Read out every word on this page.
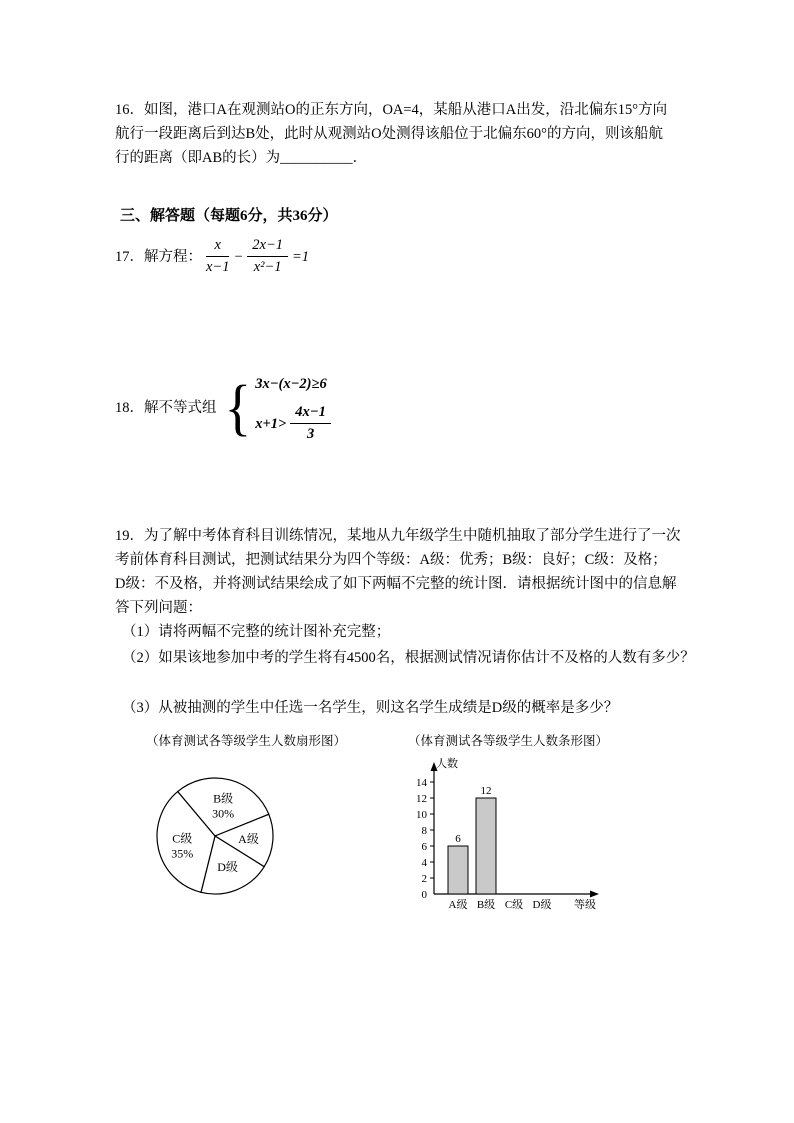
16．如图，港口A在观测站O的正东方向，OA=4，某船从港口A出发，沿北偏东15°方向
航行一段距离后到达B处，此时从观测站O处测得该船位于北偏东60°的方向，则该船航
行的距离（即AB的长）为__________．
三、解答题（每题6分，共36分）
17．解方程： $\frac{x}{x-1} - \frac{2x-1}{\text{x²−1}} =1$
18．解不等式组 { 3x−(x−2)≥6
$x+1> \frac{4x-1}{3}$
19．为了解中考体育科目训练情况，某地从九年级学生中随机抽取了部分学生进行了一次
考前体育科目测试，把测试结果分为四个等级：A级：优秀；B级：良好；C级：及格；
D级：不及格，并将测试结果绘成了如下两幅不完整的统计图．请根据统计图中的信息解
答下列问题：
（1）请将两幅不完整的统计图补充完整；
（2）如果该地参加中考的学生将有4500名，根据测试情况请你估计不及格的人数有多少？
（3）从被抽测的学生中任选一名学生，则这名学生成绩是D级的概率是多少？
（体育测试各等级学生人数扇形图）
B级
30%
A级
D级
C级
35%
（体育测试各等级学生人数条形图）
0
2
4
6
8
10
12
14
6
A级
12
B级 C级 D级
人数
等级
